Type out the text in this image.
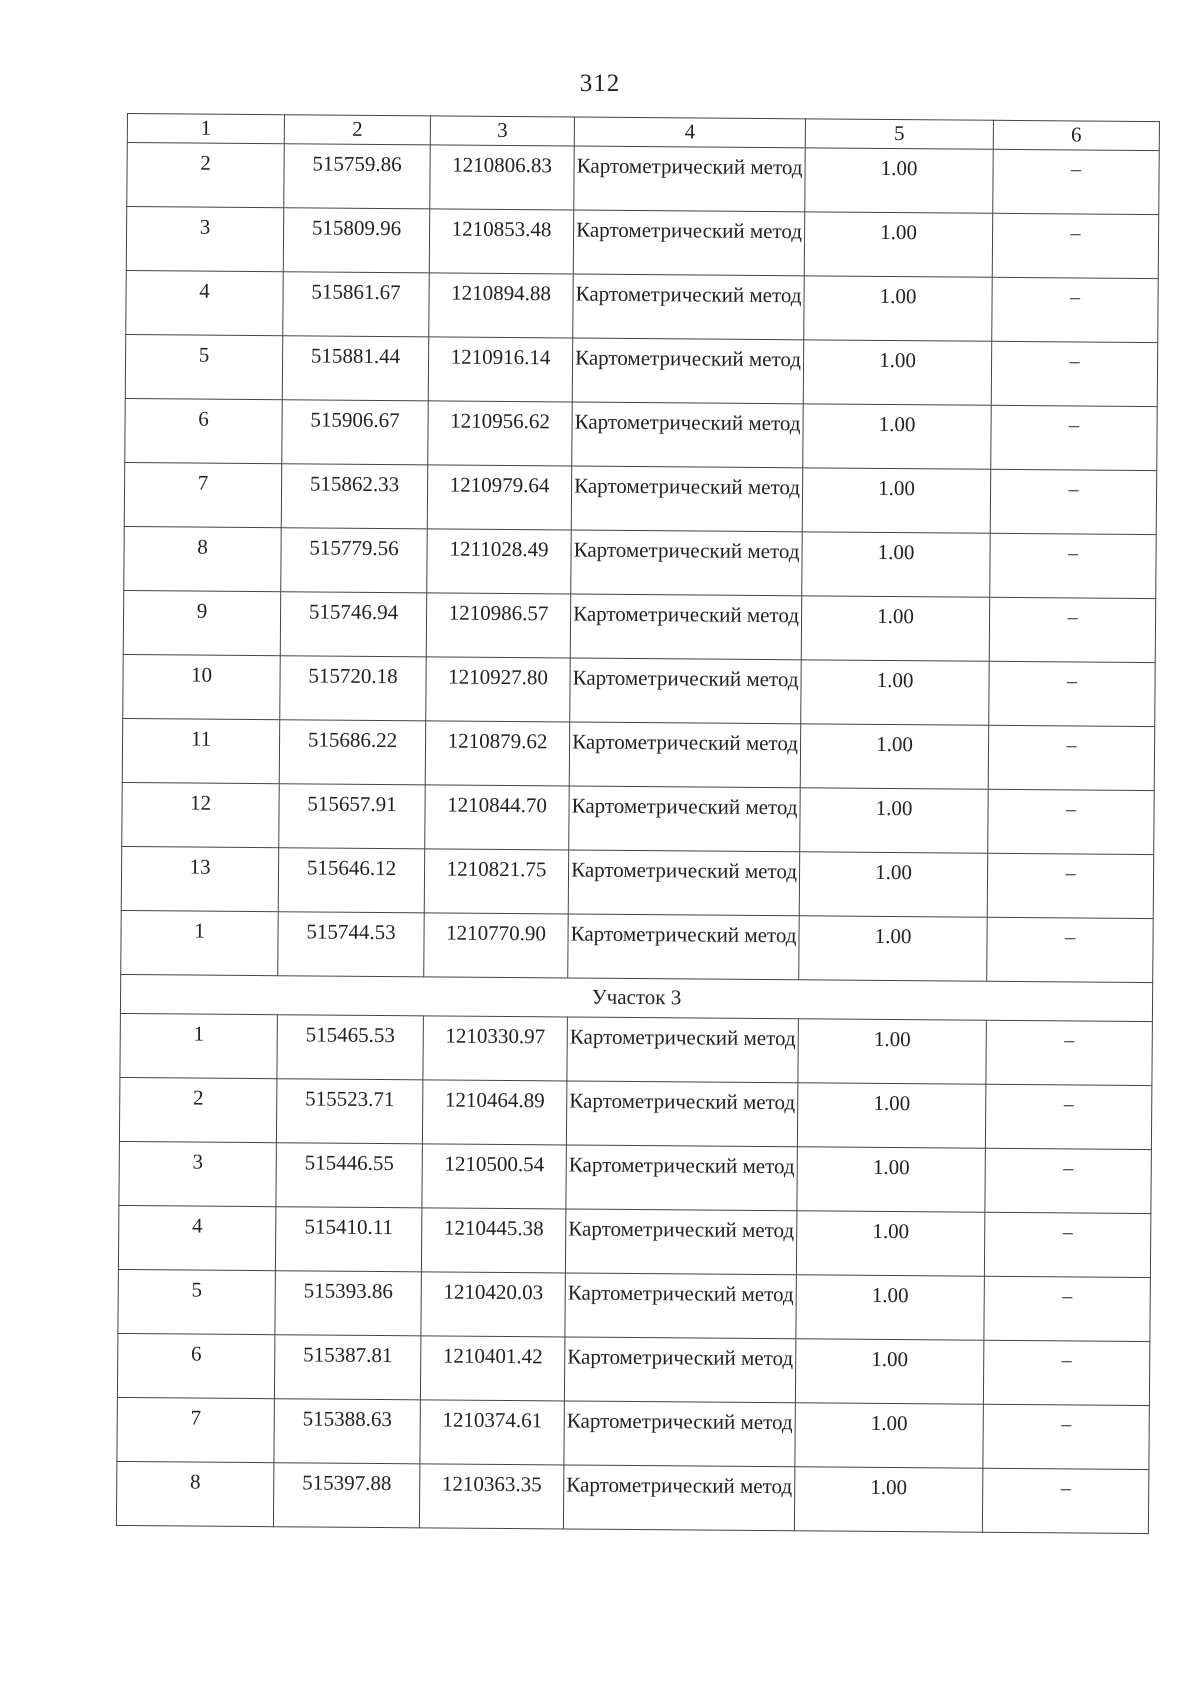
312
1	2	3	4	5	6
2	515759.86	1210806.83	Картометрический метод	1.00	–
3	515809.96	1210853.48	Картометрический метод	1.00	–
4	515861.67	1210894.88	Картометрический метод	1.00	–
5	515881.44	1210916.14	Картометрический метод	1.00	–
6	515906.67	1210956.62	Картометрический метод	1.00	–
7	515862.33	1210979.64	Картометрический метод	1.00	–
8	515779.56	1211028.49	Картометрический метод	1.00	–
9	515746.94	1210986.57	Картометрический метод	1.00	–
10	515720.18	1210927.80	Картометрический метод	1.00	–
11	515686.22	1210879.62	Картометрический метод	1.00	–
12	515657.91	1210844.70	Картометрический метод	1.00	–
13	515646.12	1210821.75	Картометрический метод	1.00	–
1	515744.53	1210770.90	Картометрический метод	1.00	–
Участок 3					
1	515465.53	1210330.97	Картометрический метод	1.00	–
2	515523.71	1210464.89	Картометрический метод	1.00	–
3	515446.55	1210500.54	Картометрический метод	1.00	–
4	515410.11	1210445.38	Картометрический метод	1.00	–
5	515393.86	1210420.03	Картометрический метод	1.00	–
6	515387.81	1210401.42	Картометрический метод	1.00	–
7	515388.63	1210374.61	Картометрический метод	1.00	–
8	515397.88	1210363.35	Картометрический метод	1.00	–
